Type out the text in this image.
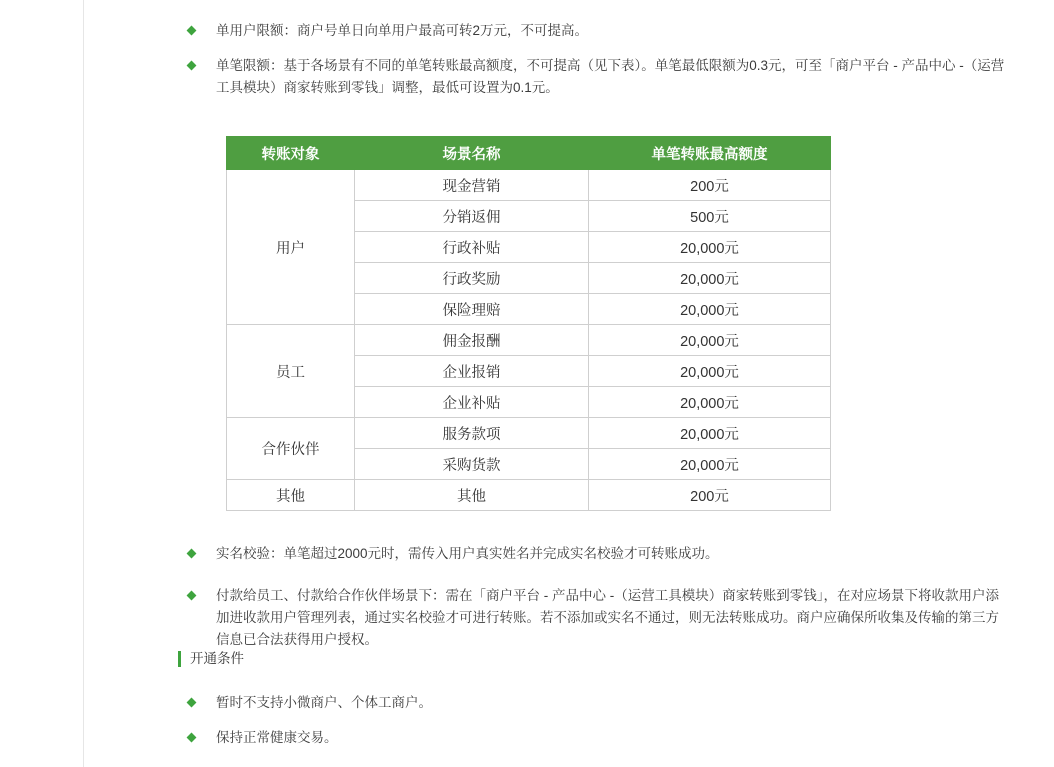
单用户限额：商户号单日向单用户最高可转2万元，不可提高。
单笔限额：基于各场景有不同的单笔转账最高额度，不可提高（见下表）。单笔最低限额为0.3元，可至「商户平台 - 产品中心 -（运营工具模块）商家转账到零钱」调整，最低可设置为0.1元。
转账对象	场景名称	单笔转账最高额度
用户	现金营销	200元
	分销返佣	500元
	行政补贴	20,000元
	行政奖励	20,000元
	保险理赔	20,000元
员工	佣金报酬	20,000元
	企业报销	20,000元
	企业补贴	20,000元
合作伙伴	服务款项	20,000元
	采购货款	20,000元
其他	其他	200元
实名校验：单笔超过2000元时，需传入用户真实姓名并完成实名校验才可转账成功。
付款给员工、付款给合作伙伴场景下：需在「商户平台 - 产品中心 -（运营工具模块）商家转账到零钱」，在对应场景下将收款用户添加进收款用户管理列表，通过实名校验才可进行转账。若不添加或实名不通过，则无法转账成功。商户应确保所收集及传输的第三方信息已合法获得用户授权。
开通条件
暂时不支持小微商户、个体工商户。
保持正常健康交易。
